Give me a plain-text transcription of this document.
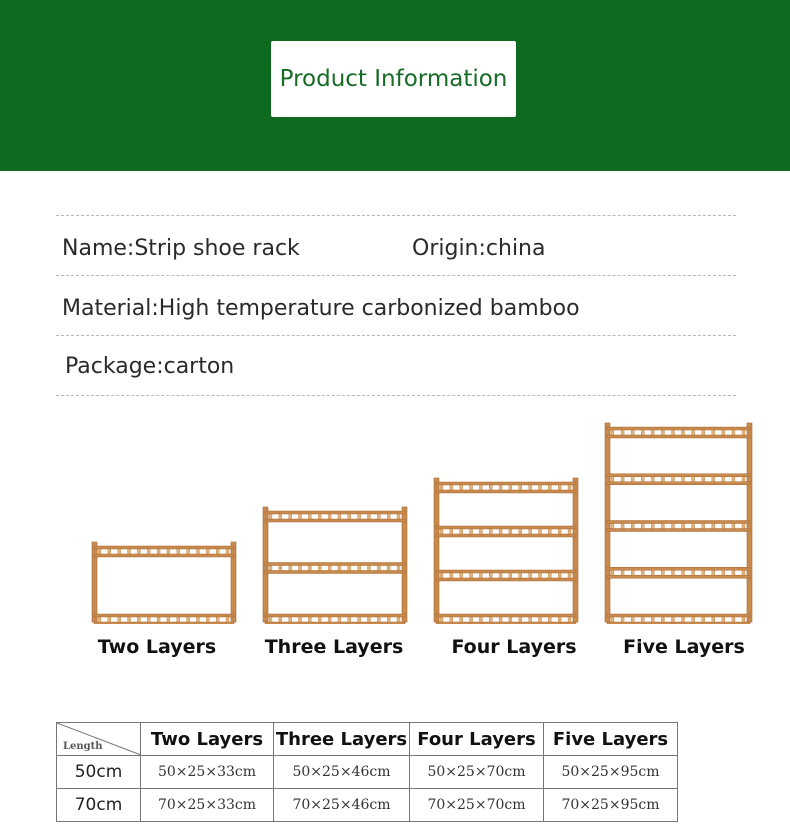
Product Information
Name:Strip shoe rack	Origin:china
Material:High temperature carbonized bamboo
Package:carton
Two Layers	Three Layers	Four Layers	Five Layers
Length	Two Layers	Three Layers	Four Layers	Five Layers
50cm	50×25×33cm	50×25×46cm	50×25×70cm	50×25×95cm
70cm	70×25×33cm	70×25×46cm	70×25×70cm	70×25×95cm
